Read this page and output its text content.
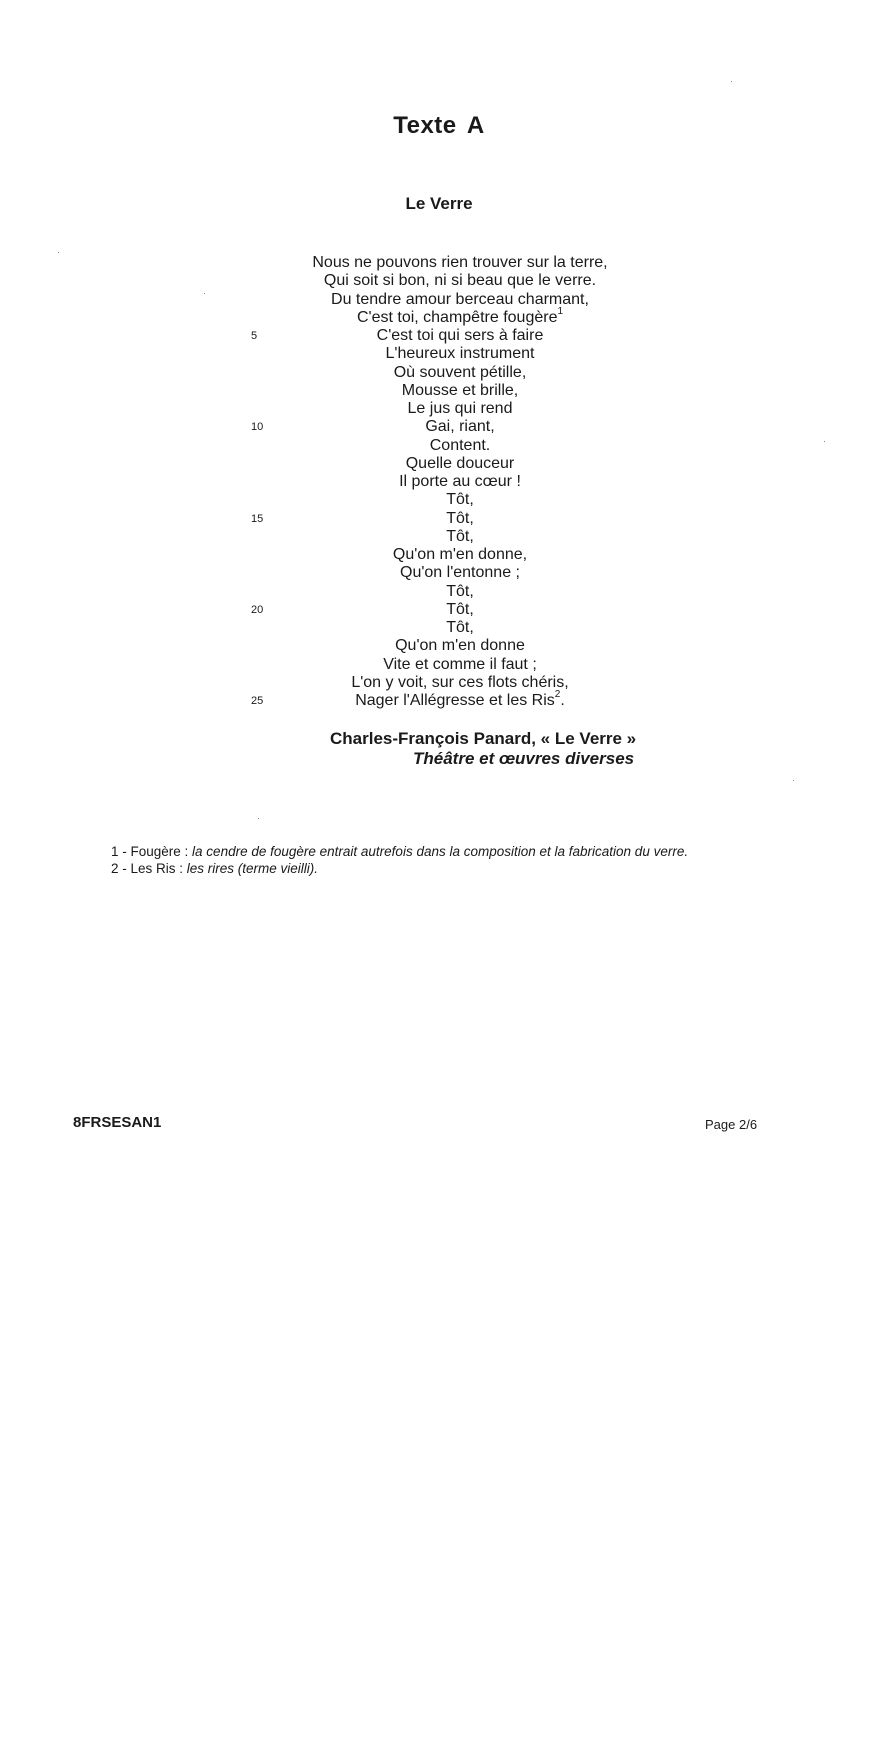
Texte A
Le Verre
5
10
15
20
25
Nous ne pouvons rien trouver sur la terre,
Qui soit si bon, ni si beau que le verre.
Du tendre amour berceau charmant,
C'est toi, champêtre fougère$^1$
C'est toi qui sers à faire
L'heureux instrument
Où souvent pétille,
Mousse et brille,
Le jus qui rend
Gai, riant,
Content.
Quelle douceur
Il porte au cœur !
Tôt,
Tôt,
Tôt,
Qu'on m'en donne,
Qu'on l'entonne ;
Tôt,
Tôt,
Tôt,
Qu'on m'en donne
Vite et comme il faut ;
L'on y voit, sur ces flots chéris,
Nager l'Allégresse et les Ris$^2$.
Charles-François Panard, « Le Verre »
Théâtre et œuvres diverses
1 - Fougère : la cendre de fougère entrait autrefois dans la composition et la fabrication du verre.
2 - Les Ris : les rires (terme vieilli).
8FRSESAN1	Page 2/6
